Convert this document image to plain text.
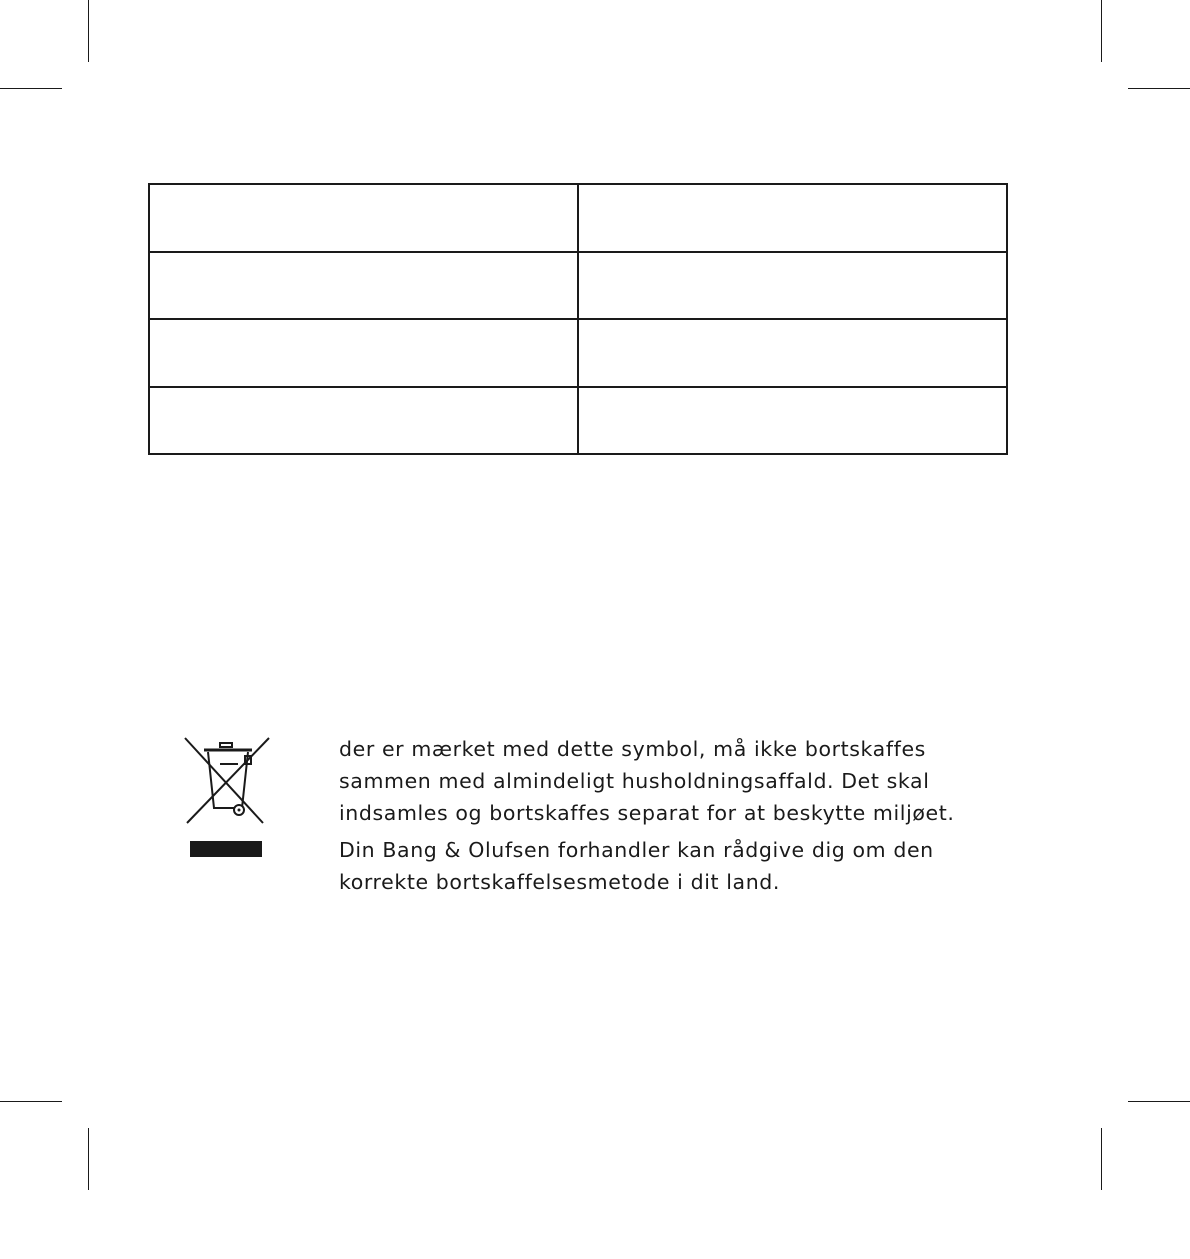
der er mærket med dette symbol, må ikke bortskaffes

sammen med almindeligt husholdningsaffald. Det skal

indsamles og bortskaffes separat for at beskytte miljøet.

Din Bang & Olufsen forhandler kan rådgive dig om den

korrekte bortskaffelsesmetode i dit land.
